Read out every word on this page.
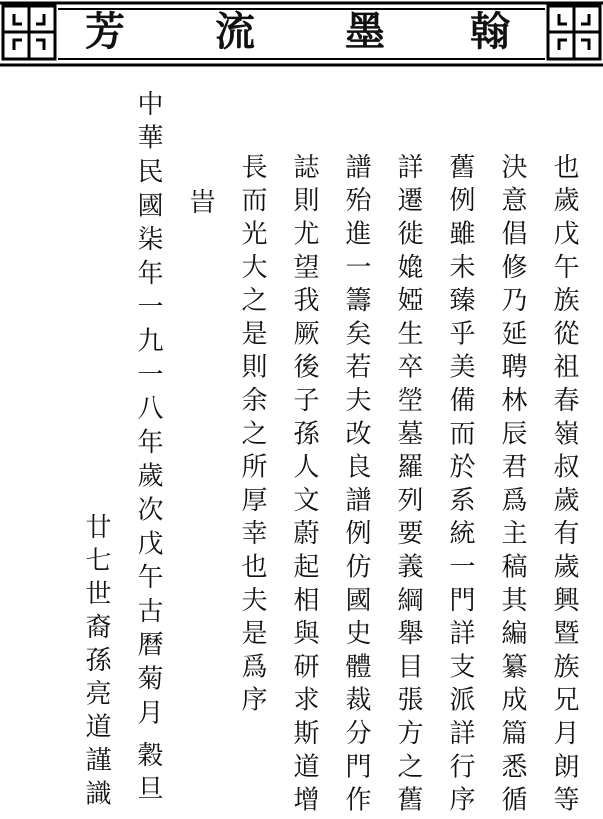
芳 流 墨 翰
也歲戊午族從祖春嶺叔歲有歲興暨族兄月朗等
決意倡修乃延聘林辰君爲主稿其編纂成篇悉循
舊例雖未臻乎美備而於系統一門詳支派詳行序
詳遷徙嫓婭生卒塋墓羅列要義綱舉目張方之舊
譜殆進一籌矣若夫改良譜例仿國史體裁分門作
誌則尤望我厥後子孫人文蔚起相與研求斯道增
長而光大之是則余之所厚幸也夫是爲序
旹
中華民國柒年一九一八年歲次戊午古曆菊月
穀旦
廿七世裔孫亮道謹識
